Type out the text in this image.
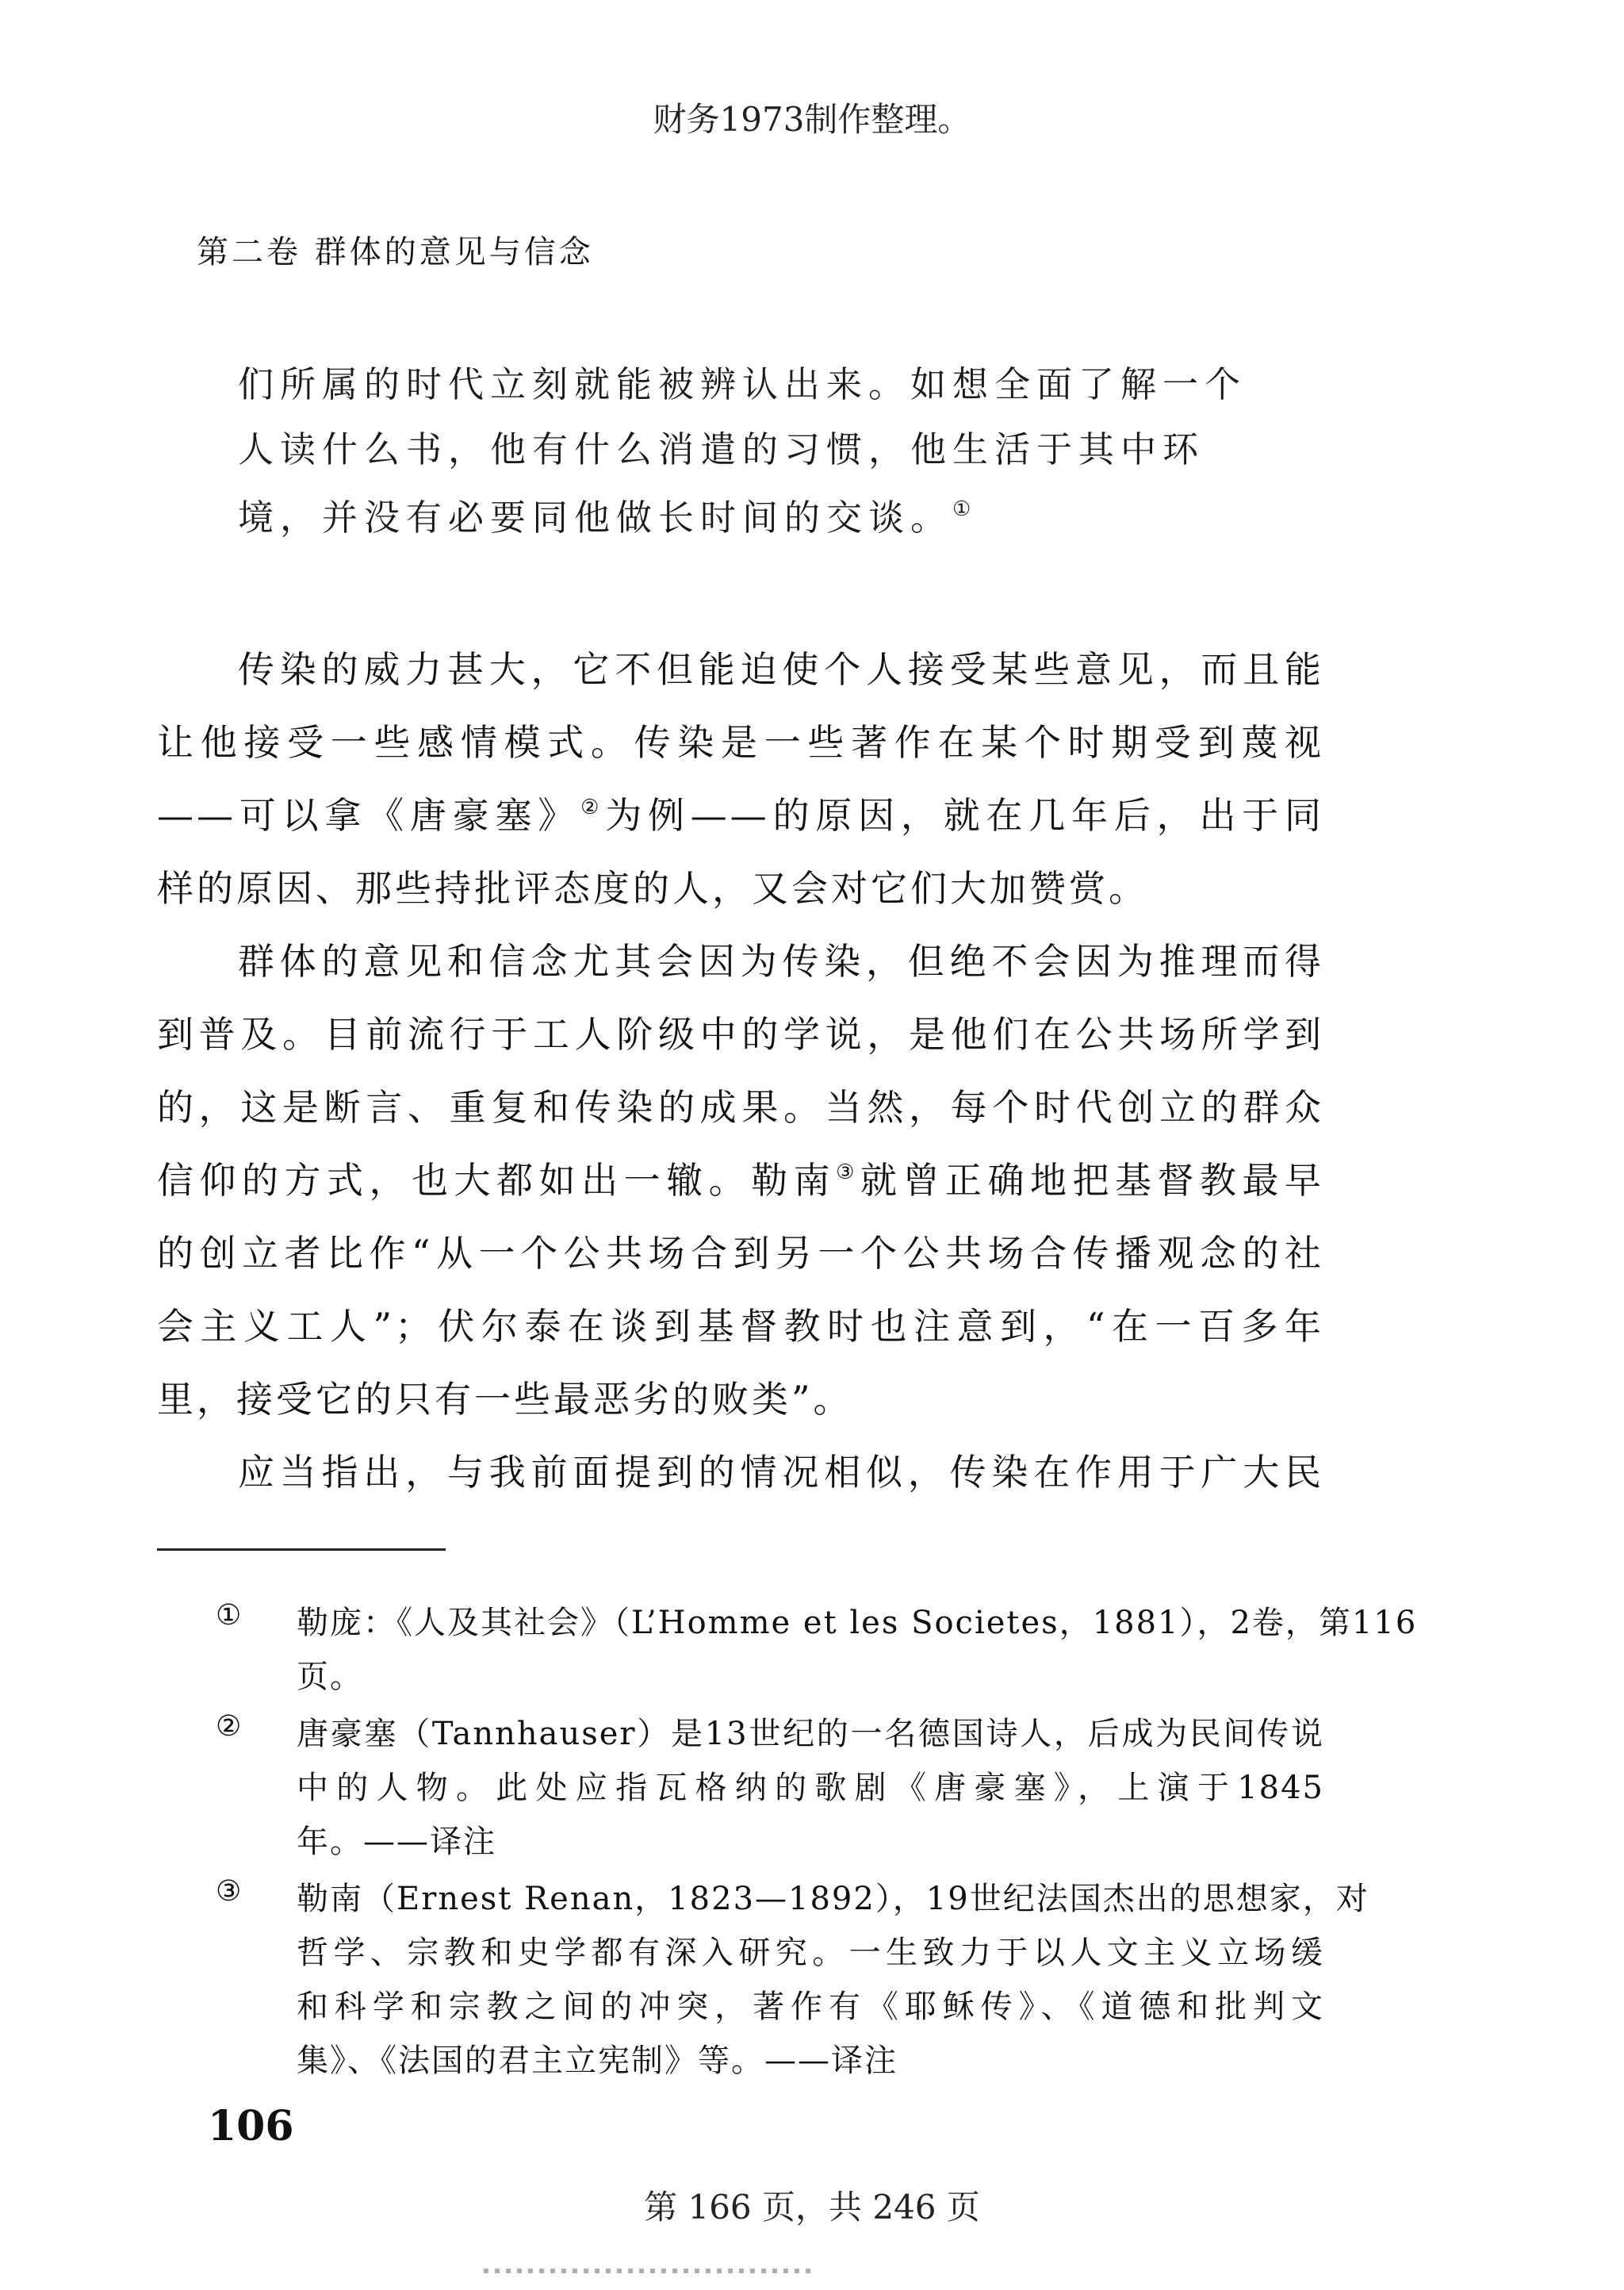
财务1973制作整理。
第二卷 群体的意见与信念
们所属的时代立刻就能被辨认出来。如想全面了解一个
人读什么书，他有什么消遣的习惯，他生活于其中环
境，并没有必要同他做长时间的交谈。①
传染的威力甚大，它不但能迫使个人接受某些意见，而且能
让他接受一些感情模式。传染是一些著作在某个时期受到蔑视
——可以拿《唐豪塞》②为例——的原因，就在几年后，出于同
样的原因、那些持批评态度的人，又会对它们大加赞赏。
群体的意见和信念尤其会因为传染，但绝不会因为推理而得
到普及。目前流行于工人阶级中的学说，是他们在公共场所学到
的，这是断言、重复和传染的成果。当然，每个时代创立的群众
信仰的方式，也大都如出一辙。勒南③就曾正确地把基督教最早
的创立者比作“从一个公共场合到另一个公共场合传播观念的社
会主义工人”；伏尔泰在谈到基督教时也注意到，“在一百多年
里，接受它的只有一些最恶劣的败类”。
应当指出，与我前面提到的情况相似，传染在作用于广大民
① 勒庞：《人及其社会》（L’Homme et les Societes，1881），2卷，第116
页。
② 唐豪塞（Tannhauser）是13世纪的一名德国诗人，后成为民间传说
中的人物。此处应指瓦格纳的歌剧《唐豪塞》，上演于1845
年。——译注
③ 勒南（Ernest Renan，1823—1892），19世纪法国杰出的思想家，对
哲学、宗教和史学都有深入研究。一生致力于以人文主义立场缓
和科学和宗教之间的冲突，著作有《耶稣传》、《道德和批判文
集》、《法国的君主立宪制》等。——译注
106
第 166 页，共 246 页
